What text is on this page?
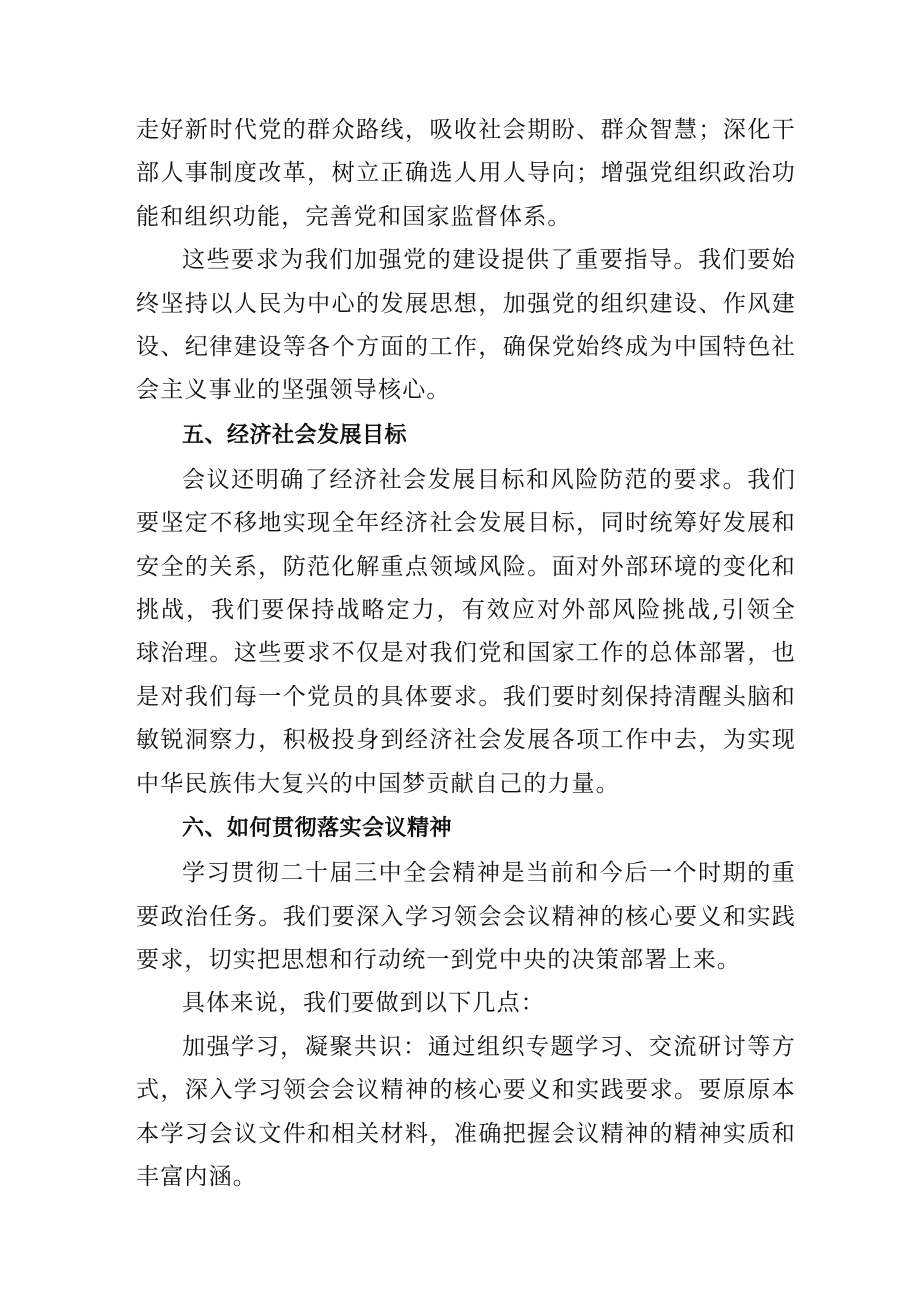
走好新时代党的群众路线，吸收社会期盼、群众智慧；深化干部人事制度改革，树立正确选人用人导向；增强党组织政治功能和组织功能，完善党和国家监督体系。

这些要求为我们加强党的建设提供了重要指导。我们要始终坚持以人民为中心的发展思想，加强党的组织建设、作风建设、纪律建设等各个方面的工作，确保党始终成为中国特色社会主义事业的坚强领导核心。

五、经济社会发展目标

会议还明确了经济社会发展目标和风险防范的要求。我们要坚定不移地实现全年经济社会发展目标，同时统筹好发展和安全的关系，防范化解重点领域风险。面对外部环境的变化和挑战，我们要保持战略定力，有效应对外部风险挑战,引领全球治理。这些要求不仅是对我们党和国家工作的总体部署，也是对我们每一个党员的具体要求。我们要时刻保持清醒头脑和敏锐洞察力，积极投身到经济社会发展各项工作中去，为实现中华民族伟大复兴的中国梦贡献自己的力量。

六、如何贯彻落实会议精神

学习贯彻二十届三中全会精神是当前和今后一个时期的重要政治任务。我们要深入学习领会会议精神的核心要义和实践要求，切实把思想和行动统一到党中央的决策部署上来。

具体来说，我们要做到以下几点：

加强学习，凝聚共识：通过组织专题学习、交流研讨等方式，深入学习领会会议精神的核心要义和实践要求。要原原本本学习会议文件和相关材料，准确把握会议精神的精神实质和丰富内涵。
